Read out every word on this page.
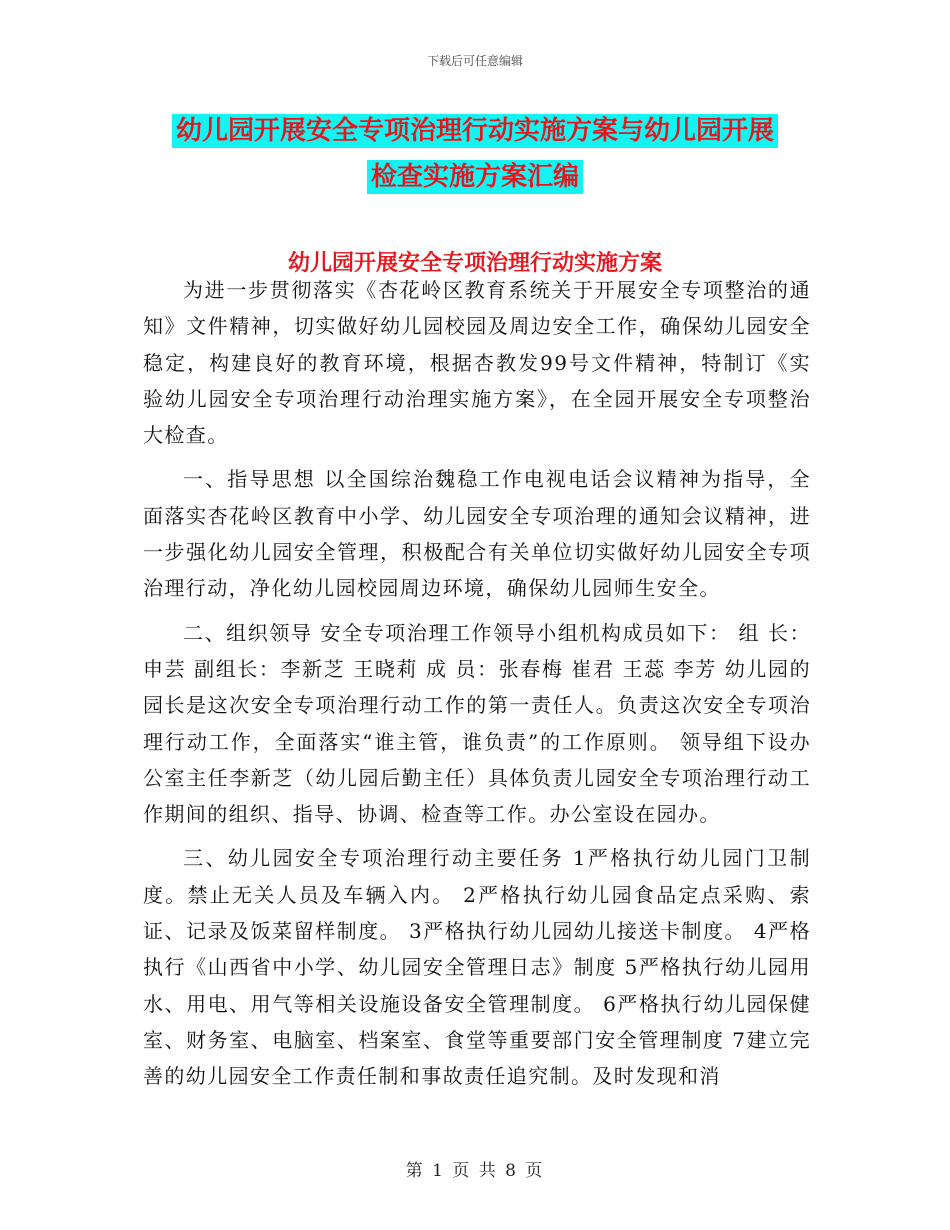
下载后可任意编辑
幼儿园开展安全专项治理行动实施方案与幼儿园开展
检查实施方案汇编
幼儿园开展安全专项治理行动实施方案

为进一步贯彻落实《杏花岭区教育系统关于开展安全专项整治的通知》文件精神，切实做好幼儿园校园及周边安全工作，确保幼儿园安全稳定，构建良好的教育环境，根据杏教发99号文件精神，特制订《实验幼儿园安全专项治理行动治理实施方案》，在全园开展安全专项整治大检查。

一、指导思想 以全国综治魏稳工作电视电话会议精神为指导，全面落实杏花岭区教育中小学、幼儿园安全专项治理的通知会议精神，进一步强化幼儿园安全管理，积极配合有关单位切实做好幼儿园安全专项治理行动，净化幼儿园校园周边环境，确保幼儿园师生安全。

二、组织领导 安全专项治理工作领导小组机构成员如下： 组 长：申芸 副组长：李新芝 王晓莉 成 员：张春梅 崔君 王蕊 李芳 幼儿园的园长是这次安全专项治理行动工作的第一责任人。负责这次安全专项治理行动工作，全面落实“谁主管，谁负责”的工作原则。 领导组下设办公室主任李新芝（幼儿园后勤主任）具体负责儿园安全专项治理行动工作期间的组织、指导、协调、检查等工作。办公室设在园办。

三、幼儿园安全专项治理行动主要任务 1严格执行幼儿园门卫制度。禁止无关人员及车辆入内。 2严格执行幼儿园食品定点采购、索证、记录及饭菜留样制度。 3严格执行幼儿园幼儿接送卡制度。 4严格执行《山西省中小学、幼儿园安全管理日志》制度 5严格执行幼儿园用水、用电、用气等相关设施设备安全管理制度。 6严格执行幼儿园保健室、财务室、电脑室、档案室、食堂等重要部门安全管理制度 7建立完善的幼儿园安全工作责任制和事故责任追究制。及时发现和消

第 1 页 共 8 页
